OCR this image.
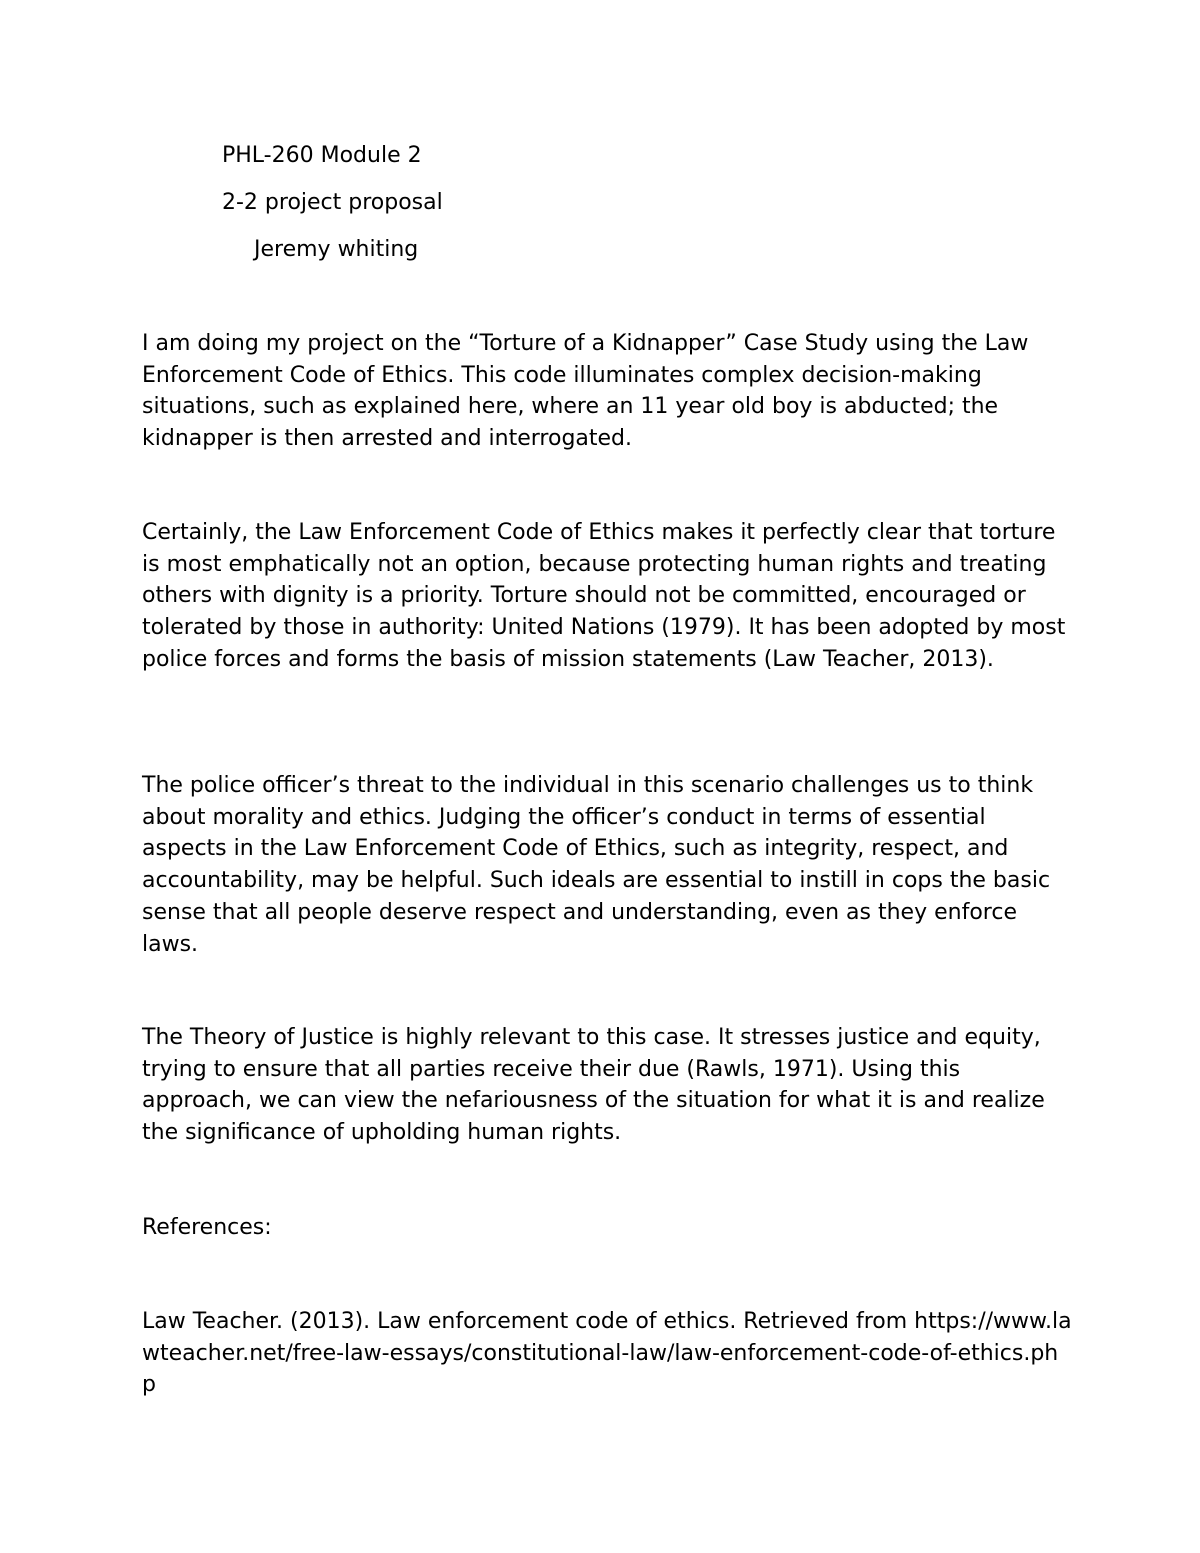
PHL-260 Module 2

2-2 project proposal

Jeremy whiting

I am doing my project on the “Torture of a Kidnapper” Case Study using the Law Enforcement Code of Ethics. This code illuminates complex decision-making situations, such as explained here, where an 11 year old boy is abducted; the kidnapper is then arrested and interrogated.

Certainly, the Law Enforcement Code of Ethics makes it perfectly clear that torture is most emphatically not an option, because protecting human rights and treating others with dignity is a priority. Torture should not be committed, encouraged or tolerated by those in authority: United Nations (1979). It has been adopted by most police forces and forms the basis of mission statements (Law Teacher, 2013).

The police officer’s threat to the individual in this scenario challenges us to think about morality and ethics. Judging the officer’s conduct in terms of essential aspects in the Law Enforcement Code of Ethics, such as integrity, respect, and accountability, may be helpful. Such ideals are essential to instill in cops the basic sense that all people deserve respect and understanding, even as they enforce laws.

The Theory of Justice is highly relevant to this case. It stresses justice and equity, trying to ensure that all parties receive their due (Rawls, 1971). Using this approach, we can view the nefariousness of the situation for what it is and realize the significance of upholding human rights.

References:

Law Teacher. (2013). Law enforcement code of ethics. Retrieved from https://www.lawteacher.net/free-law-essays/constitutional-law/law-enforcement-code-of-ethics.php
